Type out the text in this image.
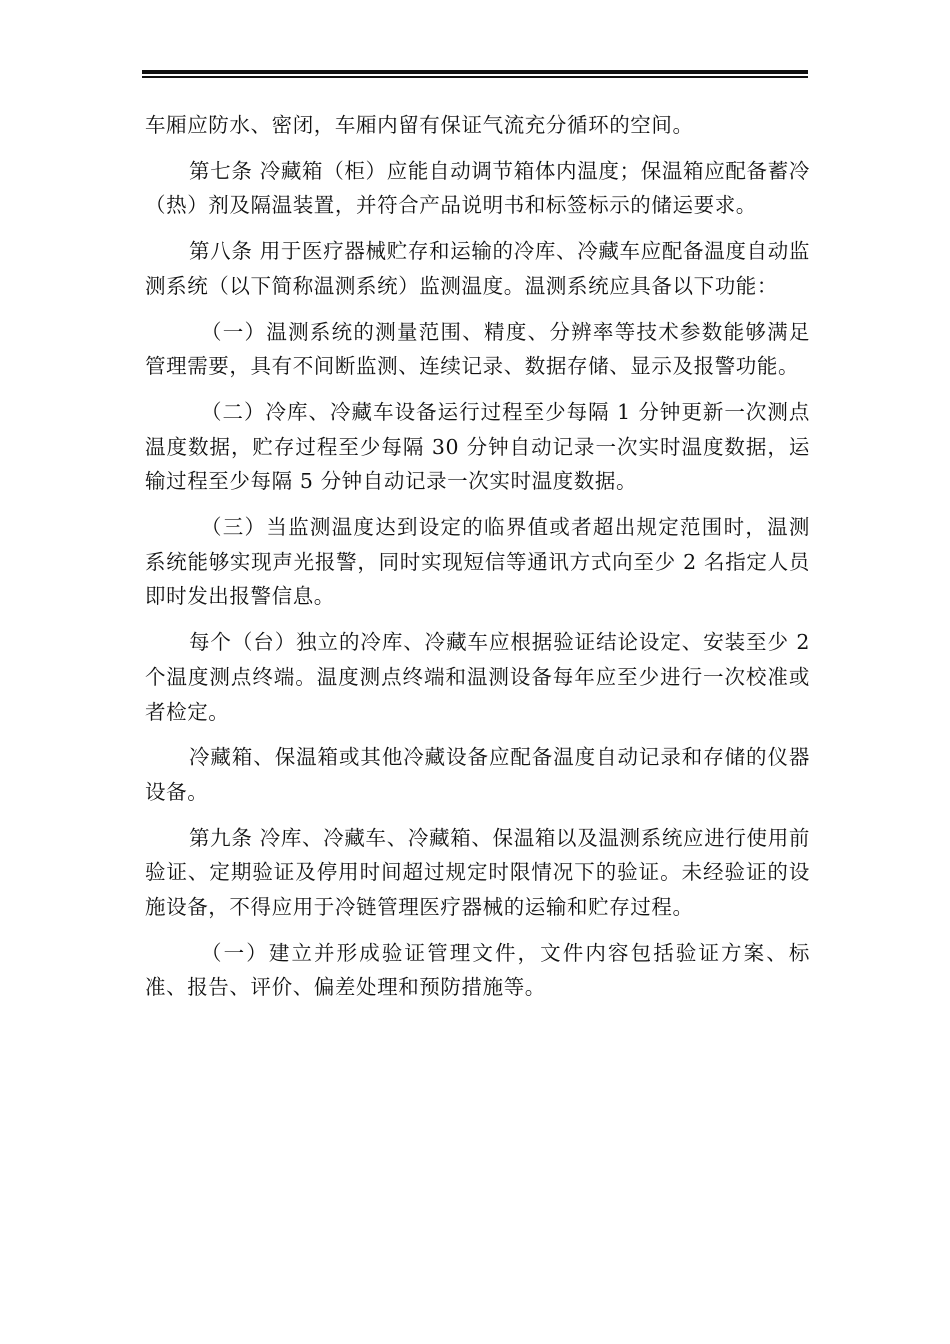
车厢应防水、密闭，车厢内留有保证气流充分循环的空间。

第七条 冷藏箱（柜）应能自动调节箱体内温度；保温箱应配备蓄冷（热）剂及隔温装置，并符合产品说明书和标签标示的储运要求。

第八条 用于医疗器械贮存和运输的冷库、冷藏车应配备温度自动监测系统（以下简称温测系统）监测温度。温测系统应具备以下功能：

（一）温测系统的测量范围、精度、分辨率等技术参数能够满足管理需要，具有不间断监测、连续记录、数据存储、显示及报警功能。

（二）冷库、冷藏车设备运行过程至少每隔 1 分钟更新一次测点温度数据，贮存过程至少每隔 30 分钟自动记录一次实时温度数据，运输过程至少每隔 5 分钟自动记录一次实时温度数据。

（三）当监测温度达到设定的临界值或者超出规定范围时，温测系统能够实现声光报警，同时实现短信等通讯方式向至少 2 名指定人员即时发出报警信息。

每个（台）独立的冷库、冷藏车应根据验证结论设定、安装至少 2 个温度测点终端。温度测点终端和温测设备每年应至少进行一次校准或者检定。

冷藏箱、保温箱或其他冷藏设备应配备温度自动记录和存储的仪器设备。

第九条 冷库、冷藏车、冷藏箱、保温箱以及温测系统应进行使用前验证、定期验证及停用时间超过规定时限情况下的验证。未经验证的设施设备，不得应用于冷链管理医疗器械的运输和贮存过程。

（一）建立并形成验证管理文件，文件内容包括验证方案、标准、报告、评价、偏差处理和预防措施等。
